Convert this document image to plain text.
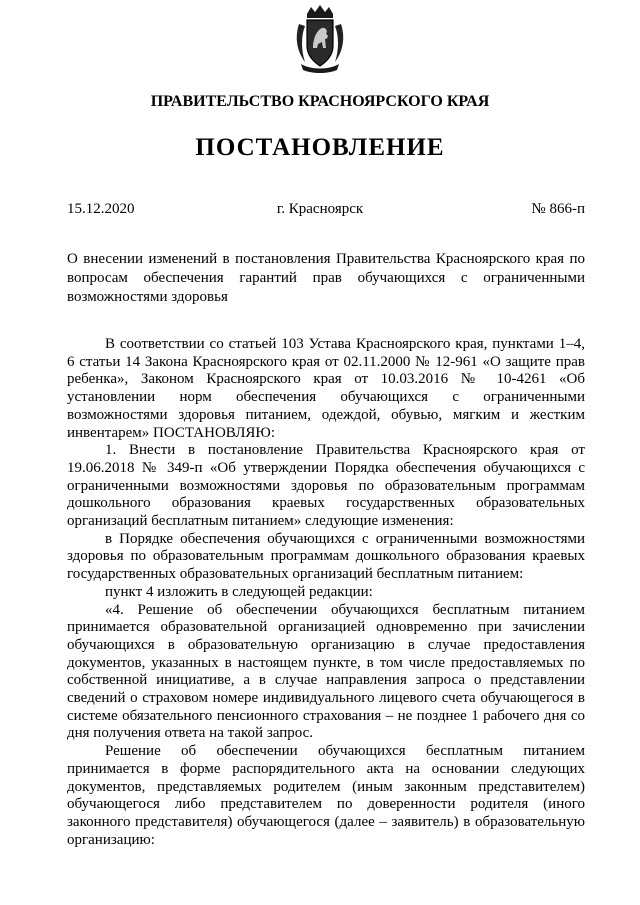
ПРАВИТЕЛЬСТВО КРАСНОЯРСКОГО КРАЯ
ПОСТАНОВЛЕНИЕ
15.12.2020	г. Красноярск	№ 866-п
О внесении изменений в постановления Правительства Красноярского края по вопросам обеспечения гарантий прав обучающихся с ограниченными возможностями здоровья

В соответствии со статьей 103 Устава Красноярского края, пунктами 1–4, 6 статьи 14 Закона Красноярского края от 02.11.2000 № 12-961 «О защите прав ребенка», Законом Красноярского края от 10.03.2016 № 10-4261 «Об установлении норм обеспечения обучающихся с ограниченными возможностями здоровья питанием, одеждой, обувью, мягким и жестким инвентарем» ПОСТАНОВЛЯЮ:

1. Внести в постановление Правительства Красноярского края от 19.06.2018 № 349-п «Об утверждении Порядка обеспечения обучающихся с ограниченными возможностями здоровья по образовательным программам дошкольного образования краевых государственных образовательных организаций бесплатным питанием» следующие изменения:

в Порядке обеспечения обучающихся с ограниченными возможностями здоровья по образовательным программам дошкольного образования краевых государственных образовательных организаций бесплатным питанием:

пункт 4 изложить в следующей редакции:

«4. Решение об обеспечении обучающихся бесплатным питанием принимается образовательной организацией одновременно при зачислении обучающихся в образовательную организацию в случае предоставления документов, указанных в настоящем пункте, в том числе предоставляемых по собственной инициативе, а в случае направления запроса о представлении сведений о страховом номере индивидуального лицевого счета обучающегося в системе обязательного пенсионного страхования – не позднее 1 рабочего дня со дня получения ответа на такой запрос.

Решение об обеспечении обучающихся бесплатным питанием принимается в форме распорядительного акта на основании следующих документов, представляемых родителем (иным законным представителем) обучающегося либо представителем по доверенности родителя (иного законного представителя) обучающегося (далее – заявитель) в образовательную организацию:
